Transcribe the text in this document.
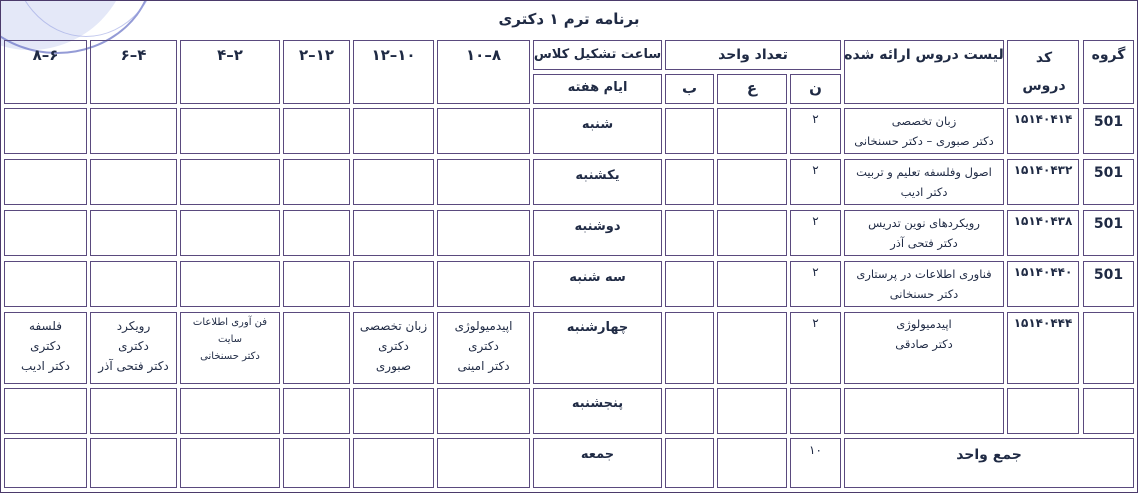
برنامه ترم ۱ دکتری
گروه
کد دروس
لیست دروس ارائه شده
تعداد واحد
ن
ع
ب
ساعت تشکیل کلاس
ایام هفته
۸–۱۰
۱۰–۱۲
۱۲–۲
۲–۴
۴–۶
۶–۸
501
۱۵۱۴۰۴۱۴
زبان تخصصی
دکتر صبوری – دکتر حسنخانی
۲
شنبه
501
۱۵۱۴۰۴۳۲
اصول وفلسفه تعلیم و تربیت
دکتر ادیب
۲
یکشنبه
501
۱۵۱۴۰۴۳۸
رویکردهای نوین تدریس
دکتر فتحی آذر
۲
دوشنبه
501
۱۵۱۴۰۴۴۰
فناوری اطلاعات در پرستاری
دکتر حسنخانی
۲
سه شنبه
۱۵۱۴۰۴۴۴
اپیدمیولوژی
دکتر صادقی
۲
چهارشنبه
اپیدمیولوژی
دکتری
دکتر امینی
زبان تخصصی
دکتری
صبوری
فن آوری اطلاعات
سایت
دکتر حسنخانی
رویکرد
دکتری
دکتر فتحی آذر
فلسفه
دکتری
دکتر ادیب
پنجشنبه
جمع واحد
۱۰
جمعه
